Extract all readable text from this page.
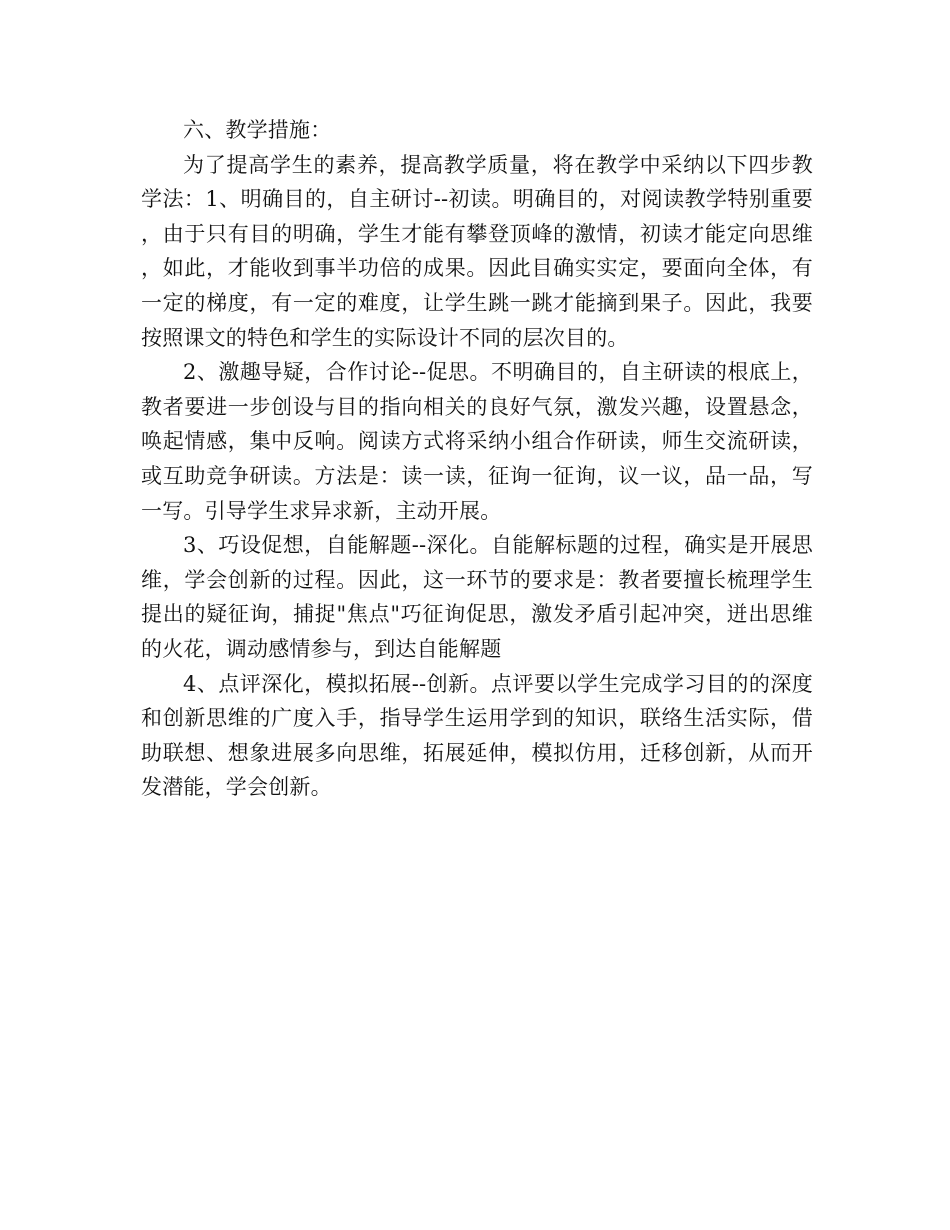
六、教学措施：

为了提高学生的素养，提高教学质量，将在教学中采纳以下四步教学法：1、明确目的，自主研讨--初读。明确目的，对阅读教学特别重要，由于只有目的明确，学生才能有攀登顶峰的激情，初读才能定向思维，如此，才能收到事半功倍的成果。因此目确实实定，要面向全体，有一定的梯度，有一定的难度，让学生跳一跳才能摘到果子。因此，我要按照课文的特色和学生的实际设计不同的层次目的。

2、激趣导疑，合作讨论--促思。不明确目的，自主研读的根底上，教者要进一步创设与目的指向相关的良好气氛，激发兴趣，设置悬念，唤起情感，集中反响。阅读方式将采纳小组合作研读，师生交流研读，或互助竞争研读。方法是：读一读，征询一征询，议一议，品一品，写一写。引导学生求异求新，主动开展。

3、巧设促想，自能解题--深化。自能解标题的过程，确实是开展思维，学会创新的过程。因此，这一环节的要求是：教者要擅长梳理学生提出的疑征询，捕捉"焦点"巧征询促思，激发矛盾引起冲突，迸出思维的火花，调动感情参与，到达自能解题

4、点评深化，模拟拓展--创新。点评要以学生完成学习目的的深度和创新思维的广度入手，指导学生运用学到的知识，联络生活实际，借助联想、想象进展多向思维，拓展延伸，模拟仿用，迁移创新，从而开发潜能，学会创新。
